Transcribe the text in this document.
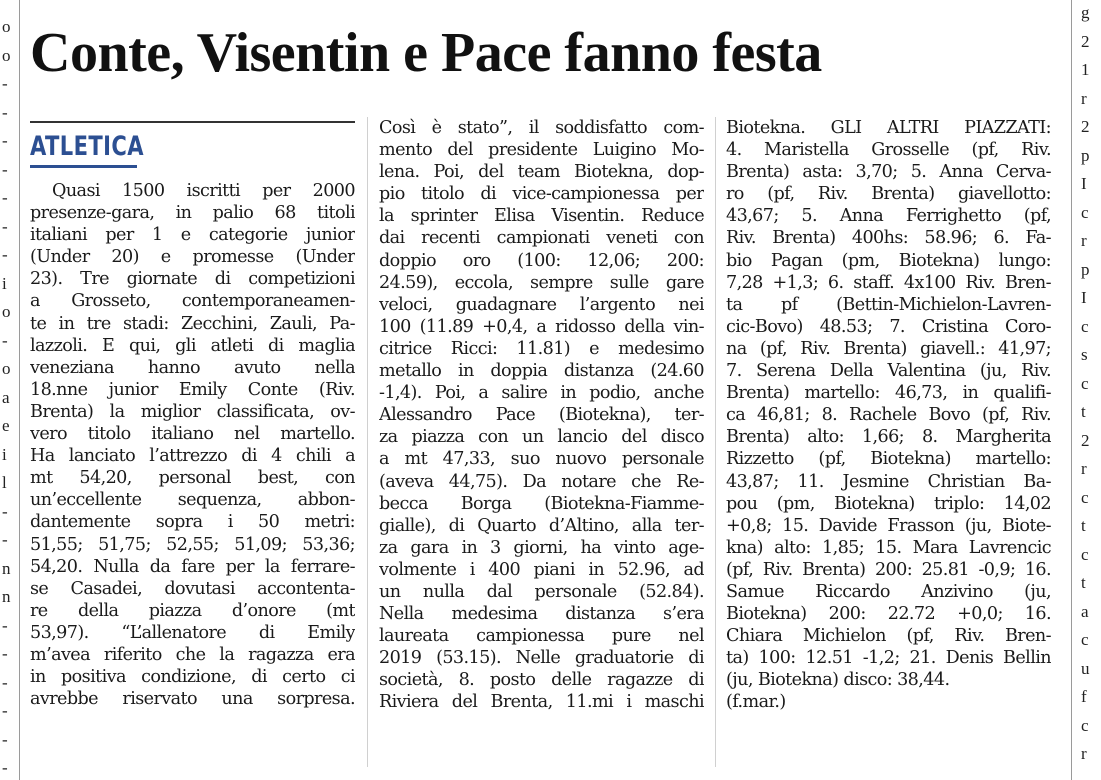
o
o
-
-
-
-
-
-
-
i
o
-
o
a
e
i
l
-
-
n
n
-
-
-
-
-
-
g
2
1
r
2
p
I
c
r
p
I
c
s
c
t
2
r
c
t
c
t
a
c
u
f
c
r
Conte, Visentin e Pace fanno festa
ATLETICA
Quasi 1500 iscritti per 2000
presenze-gara, in palio 68 titoli
italiani per 1 e categorie junior
(Under 20) e promesse (Under
23). Tre giornate di competizioni
a Grosseto, contemporaneamen-
te in tre stadi: Zecchini, Zauli, Pa-
lazzoli. E qui, gli atleti di maglia
veneziana hanno avuto nella
18.nne junior Emily Conte (Riv.
Brenta) la miglior classificata, ov-
vero titolo italiano nel martello.
Ha lanciato l’attrezzo di 4 chili a
mt 54,20, personal best, con
un’eccellente sequenza, abbon-
dantemente sopra i 50 metri:
51,55; 51,75; 52,55; 51,09; 53,36;
54,20. Nulla da fare per la ferrare-
se Casadei, dovutasi accontenta-
re della piazza d’onore (mt
53,97). “L’allenatore di Emily
m’avea riferito che la ragazza era
in positiva condizione, di certo ci
avrebbe riservato una sorpresa.
Così è stato”, il soddisfatto com-
mento del presidente Luigino Mo-
lena. Poi, del team Biotekna, dop-
pio titolo di vice-campionessa per
la sprinter Elisa Visentin. Reduce
dai recenti campionati veneti con
doppio oro (100: 12,06; 200:
24.59), eccola, sempre sulle gare
veloci, guadagnare l’argento nei
100 (11.89 +0,4, a ridosso della vin-
citrice Ricci: 11.81) e medesimo
metallo in doppia distanza (24.60
-1,4). Poi, a salire in podio, anche
Alessandro Pace (Biotekna), ter-
za piazza con un lancio del disco
a mt 47,33, suo nuovo personale
(aveva 44,75). Da notare che Re-
becca Borga (Biotekna-Fiamme-
gialle), di Quarto d’Altino, alla ter-
za gara in 3 giorni, ha vinto age-
volmente i 400 piani in 52.96, ad
un nulla dal personale (52.84).
Nella medesima distanza s’era
laureata campionessa pure nel
2019 (53.15). Nelle graduatorie di
società, 8. posto delle ragazze di
Riviera del Brenta, 11.mi i maschi
Biotekna. GLI ALTRI PIAZZATI:
4. Maristella Grosselle (pf, Riv.
Brenta) asta: 3,70; 5. Anna Cerva-
ro (pf, Riv. Brenta) giavellotto:
43,67; 5. Anna Ferrighetto (pf,
Riv. Brenta) 400hs: 58.96; 6. Fa-
bio Pagan (pm, Biotekna) lungo:
7,28 +1,3; 6. staff. 4x100 Riv. Bren-
ta pf (Bettin-Michielon-Lavren-
cic-Bovo) 48.53; 7. Cristina Coro-
na (pf, Riv. Brenta) giavell.: 41,97;
7. Serena Della Valentina (ju, Riv.
Brenta) martello: 46,73, in qualifi-
ca 46,81; 8. Rachele Bovo (pf, Riv.
Brenta) alto: 1,66; 8. Margherita
Rizzetto (pf, Biotekna) martello:
43,87; 11. Jesmine Christian Ba-
pou (pm, Biotekna) triplo: 14,02
+0,8; 15. Davide Frasson (ju, Biote-
kna) alto: 1,85; 15. Mara Lavrencic
(pf, Riv. Brenta) 200: 25.81 -0,9; 16.
Samue Riccardo Anzivino (ju,
Biotekna) 200: 22.72 +0,0; 16.
Chiara Michielon (pf, Riv. Bren-
ta) 100: 12.51 -1,2; 21. Denis Bellin
(ju, Biotekna) disco: 38,44.
(f.mar.)
